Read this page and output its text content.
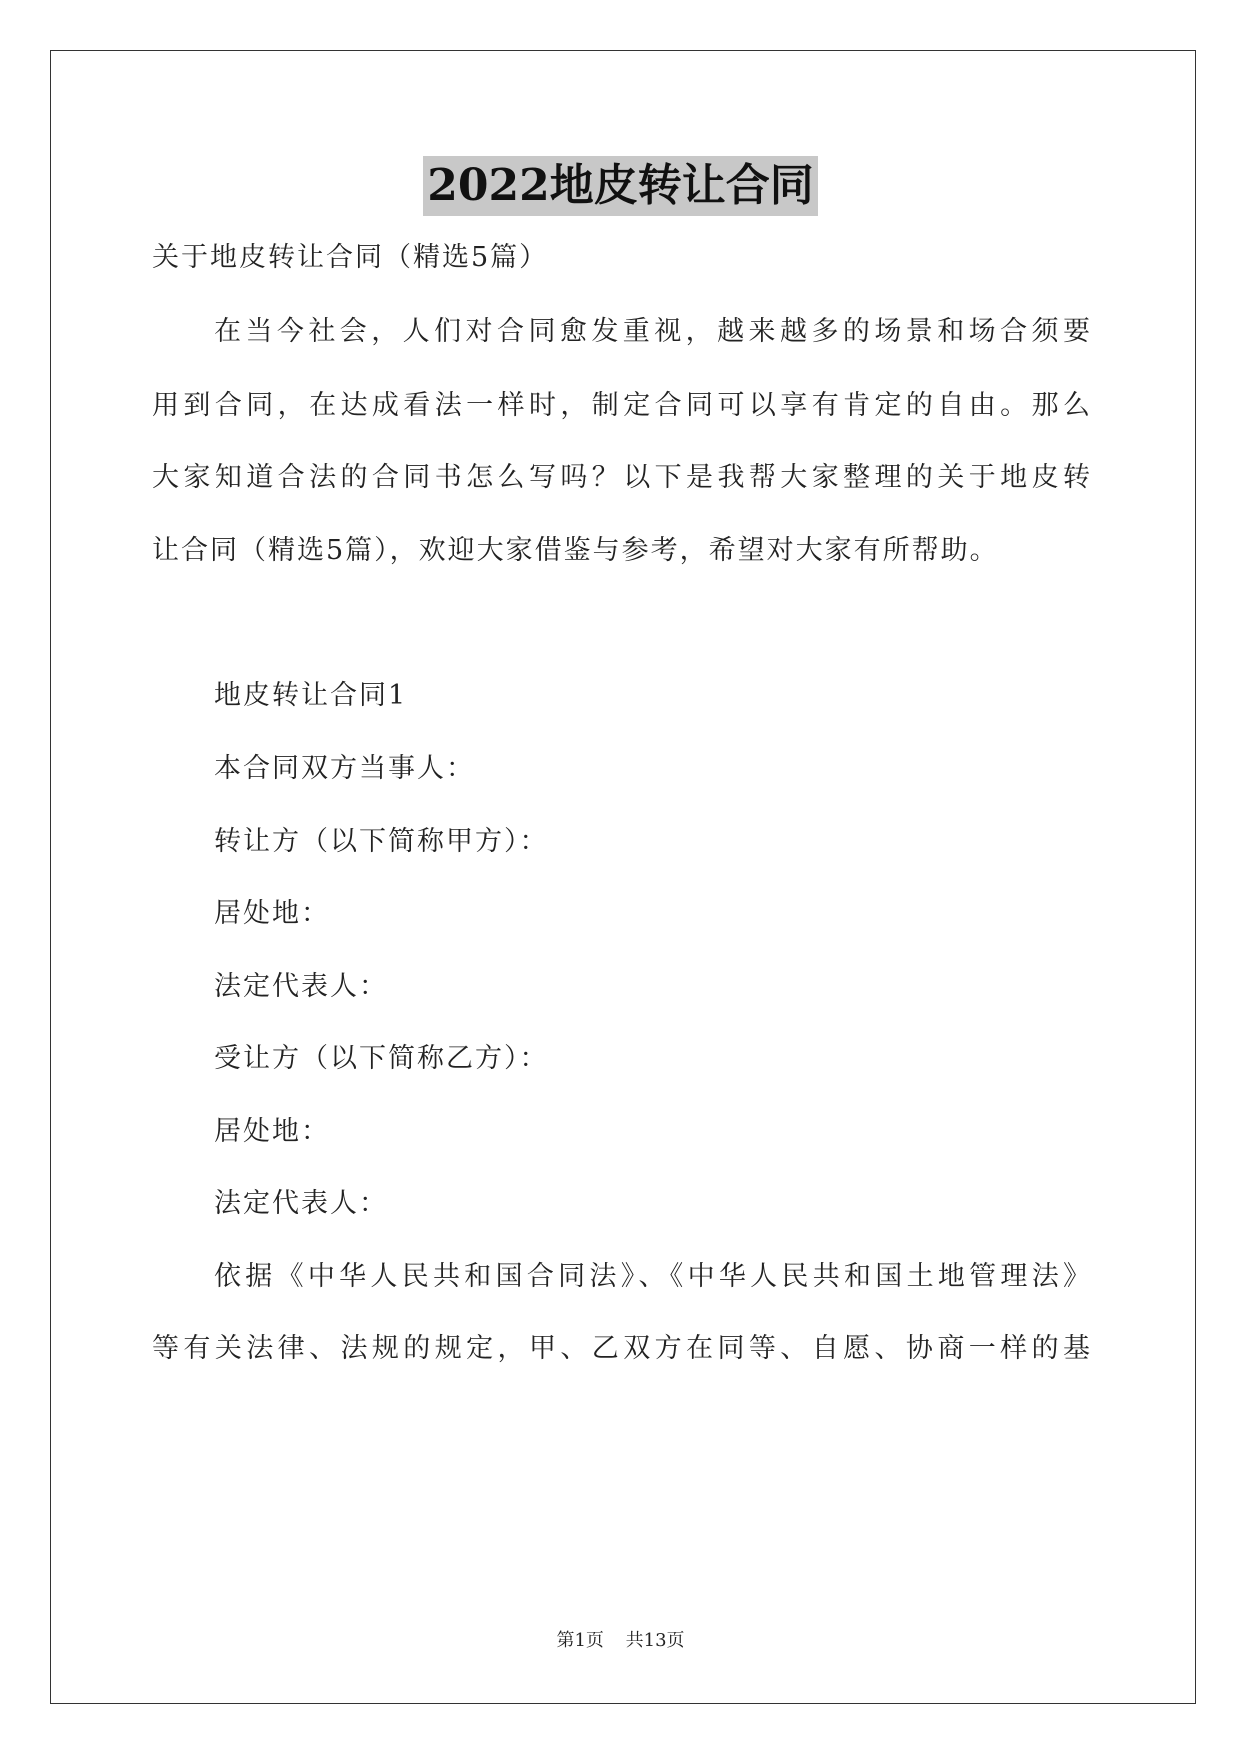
2022地皮转让合同
关于地皮转让合同（精选5篇）
在当今社会，人们对合同愈发重视，越来越多的场景和场合须要
用到合同，在达成看法一样时，制定合同可以享有肯定的自由。那么
大家知道合法的合同书怎么写吗？以下是我帮大家整理的关于地皮转
让合同（精选5篇），欢迎大家借鉴与参考，希望对大家有所帮助。
地皮转让合同1
本合同双方当事人：
转让方（以下简称甲方）：
居处地：
法定代表人：
受让方（以下简称乙方）：
居处地：
法定代表人：
依据《中华人民共和国合同法》、《中华人民共和国土地管理法》
等有关法律、法规的规定，甲、乙双方在同等、自愿、协商一样的基
第1页 共13页
